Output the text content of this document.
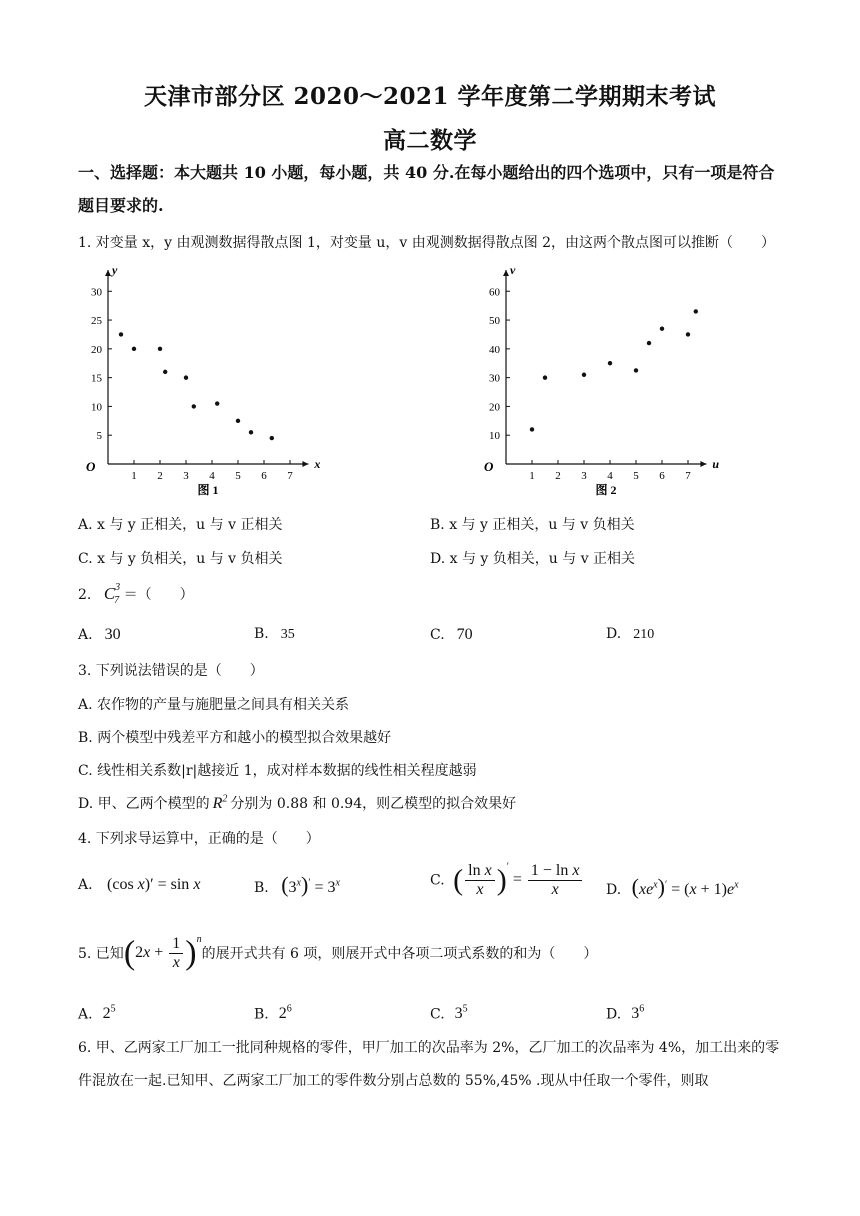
天津市部分区 2020～2021 学年度第二学期期末考试
高二数学
一、选择题：本大题共 10 小题，每小题，共 40 分.在每小题给出的四个选项中，只有一项是符合题目要求的.
1. 对变量 x，y 由观测数据得散点图 1，对变量 u，v 由观测数据得散点图 2，由这两个散点图可以推断（　　）
x
y
O
1 2 3 4 5 6 7
5
10
15
20
25
30
图 1
u
v
O
1 2 3 4 5 6 7
10
20
30
40
50
60
图 2
A. x 与 y 正相关，u 与 v 正相关	B. x 与 y 正相关，u 与 v 负相关
C. x 与 y 负相关，u 与 v 负相关	D. x 与 y 负相关，u 与 v 正相关
2. $C^3_7$ ＝（　　）
A. 30	B. 35	C. 70	D. 210
3. 下列说法错误的是（　　）
A. 农作物的产量与施肥量之间具有相关关系
B. 两个模型中残差平方和越小的模型拟合效果越好
C. 线性相关系数|r|越接近 1，成对样本数据的线性相关程度越弱
D. 甲、乙两个模型的 $R^2$ 分别为 0.88 和 0.94，则乙模型的拟合效果好
4. 下列求导运算中，正确的是（　　）
A. (cos x)′ = sin x	B. $(3^x)' = 3^x$	C. ( $\frac{\text{ln x}}{x} )' = \frac{\text{1 − ln x}}{x} D$. $(xe^x)' = (x + 1)e^x$
5. 已知$(2x + \frac{1}{x} )^n$的展开式共有 6 项，则展开式中各项二项式系数的和为（　　）
A. $2^5$	B. $2^6$	C. $3^5$	D. $3^6$
6. 甲、乙两家工厂加工一批同种规格的零件，甲厂加工的次品率为 2%，乙厂加工的次品率为 4%，加工出来的零件混放在一起.已知甲、乙两家工厂加工的零件数分别占总数的 55%,45% .现从中任取一个零件，则取
